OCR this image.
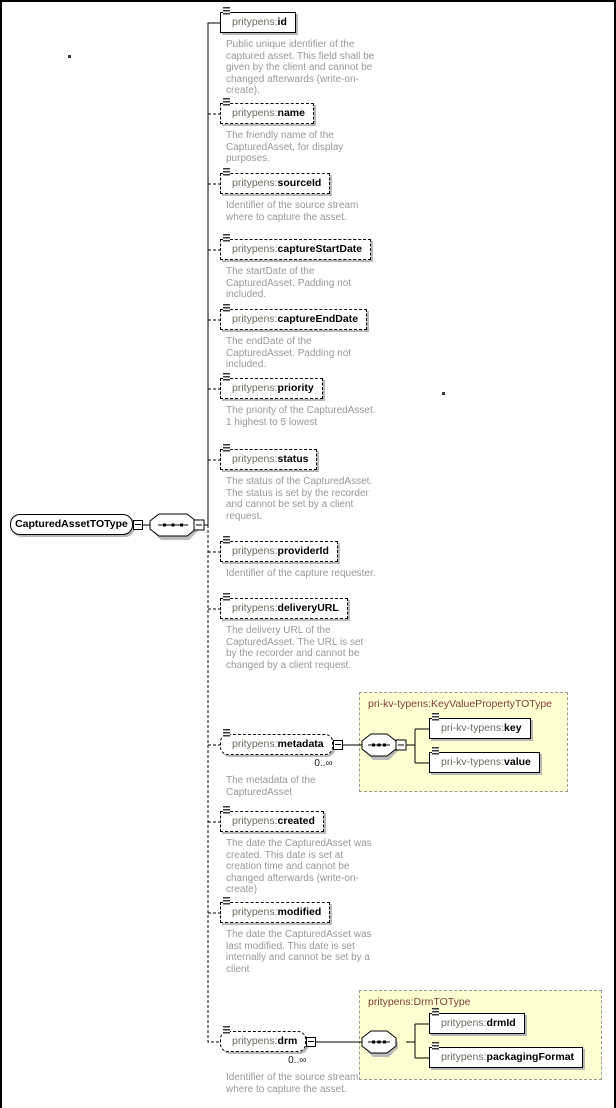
pri-kv-typens:KeyValuePropertyTOType
pritypens:DrmTOType
CapturedAssetTOType
pritypens:id
Public unique identifier of the captured asset. This field shall be given by the client and cannot be changed afterwards (write-on-create).
pritypens:name
The friendly name of the CapturedAsset, for display purposes.
pritypens:sourceId
Identifier of the source stream where to capture the asset.
pritypens:captureStartDate
The startDate of the CapturedAsset. Padding not included.
pritypens:captureEndDate
The endDate of the CapturedAsset. Padding not included.
pritypens:priority
The priority of the CapturedAsset. 1 highest to 5 lowest
pritypens:status
The status of the CapturedAsset. The status is set by the recorder and cannot be set by a client request.
pritypens:providerId
Identifier of the capture requester.
pritypens:deliveryURL
The delivery URL of the CapturedAsset. The URL is set by the recorder and cannot be changed by a client request.
pritypens:metadata
0..∞
The metadata of the CapturedAsset
pritypens:created
The date the CapturedAsset was created. This date is set at creation time and cannot be changed afterwards (write-on-create)
pritypens:modified
The date the CapturedAsset was last modified. This date is set internally and cannot be set by a client
pritypens:drm
0..∞
Identifier of the source stream where to capture the asset.
pri-kv-typens:key
pri-kv-typens:value
pritypens:drmId
pritypens:packagingFormat
